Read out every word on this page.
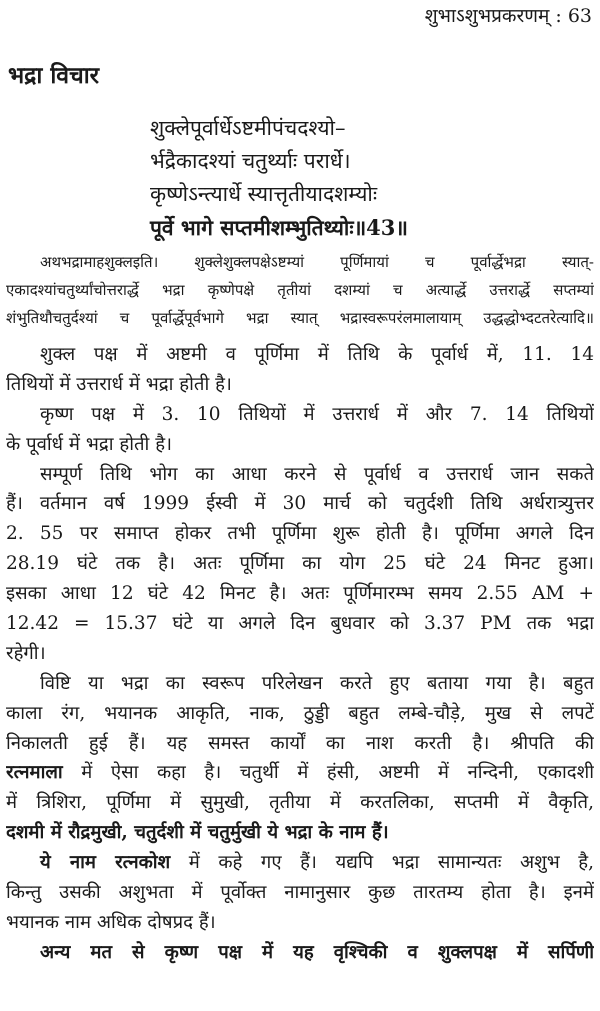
शुभाऽशुभप्रकरणम् : 63
भद्रा विचार
शुक्लेपूर्वार्धेऽष्टमीपंचदश्यो–
र्भद्रैकादश्यां चतुर्थ्याः परार्धे।
कृष्णेऽन्त्यार्धे स्यात्तृतीयादशम्योः
पूर्वे भागे सप्तमीशम्भुतिथ्योः॥43॥
अथभद्रामाहशुक्लइति। शुक्लेशुक्लपक्षेऽष्टम्यां पूर्णिमायां च पूर्वार्द्धेभद्रा स्यात्-
एकादश्यांचतुर्थ्यांचोत्तरार्द्धे भद्रा कृष्णेपक्षे तृतीयां दशम्यां च अत्यार्द्धे उत्तरार्द्धे सप्तम्यां
शंभुतिथौचतुर्दश्यां च पूर्वार्द्धेपूर्वभागे भद्रा स्यात् भद्रास्वरूपरंलमालायाम् उद्धद्धोभ्दटतरेत्यादि॥
शुक्ल पक्ष में अष्टमी व पूर्णिमा में तिथि के पूर्वार्ध में, 11. 14
तिथियों में उत्तरार्ध में भद्रा होती है।
कृष्ण पक्ष में 3. 10 तिथियों में उत्तरार्ध में और 7. 14 तिथियों
के पूर्वार्ध में भद्रा होती है।
सम्पूर्ण तिथि भोग का आधा करने से पूर्वार्ध व उत्तरार्ध जान सकते
हैं। वर्तमान वर्ष 1999 ईस्वी में 30 मार्च को चतुर्दशी तिथि अर्धरात्र्युत्तर
2. 55 पर समाप्त होकर तभी पूर्णिमा शुरू होती है। पूर्णिमा अगले दिन
28.19 घंटे तक है। अतः पूर्णिमा का योग 25 घंटे 24 मिनट हुआ।
इसका आधा 12 घंटे 42 मिनट है। अतः पूर्णिमारम्भ समय 2.55 AM +
12.42 = 15.37 घंटे या अगले दिन बुधवार को 3.37 PM तक भद्रा
रहेगी।
विष्टि या भद्रा का स्वरूप परिलेखन करते हुए बताया गया है। बहुत
काला रंग, भयानक आकृति, नाक, ठुड्डी बहुत लम्बे-चौड़े, मुख से लपटें
निकालती हुई हैं। यह समस्त कार्यों का नाश करती है। श्रीपति की
रत्नमाला में ऐसा कहा है। चतुर्थी में हंसी, अष्टमी में नन्दिनी, एकादशी
में त्रिशिरा, पूर्णिमा में सुमुखी, तृतीया में करतलिका, सप्तमी में वैकृति,
दशमी में रौद्रमुखी, चतुर्दशी में चतुर्मुखी ये भद्रा के नाम हैं।
ये नाम रत्नकोश में कहे गए हैं। यद्यपि भद्रा सामान्यतः अशुभ है,
किन्तु उसकी अशुभता में पूर्वोक्त नामानुसार कुछ तारतम्य होता है। इनमें
भयानक नाम अधिक दोषप्रद हैं।
अन्य मत से कृष्ण पक्ष में यह वृश्चिकी व शुक्लपक्ष में सर्पिणी
